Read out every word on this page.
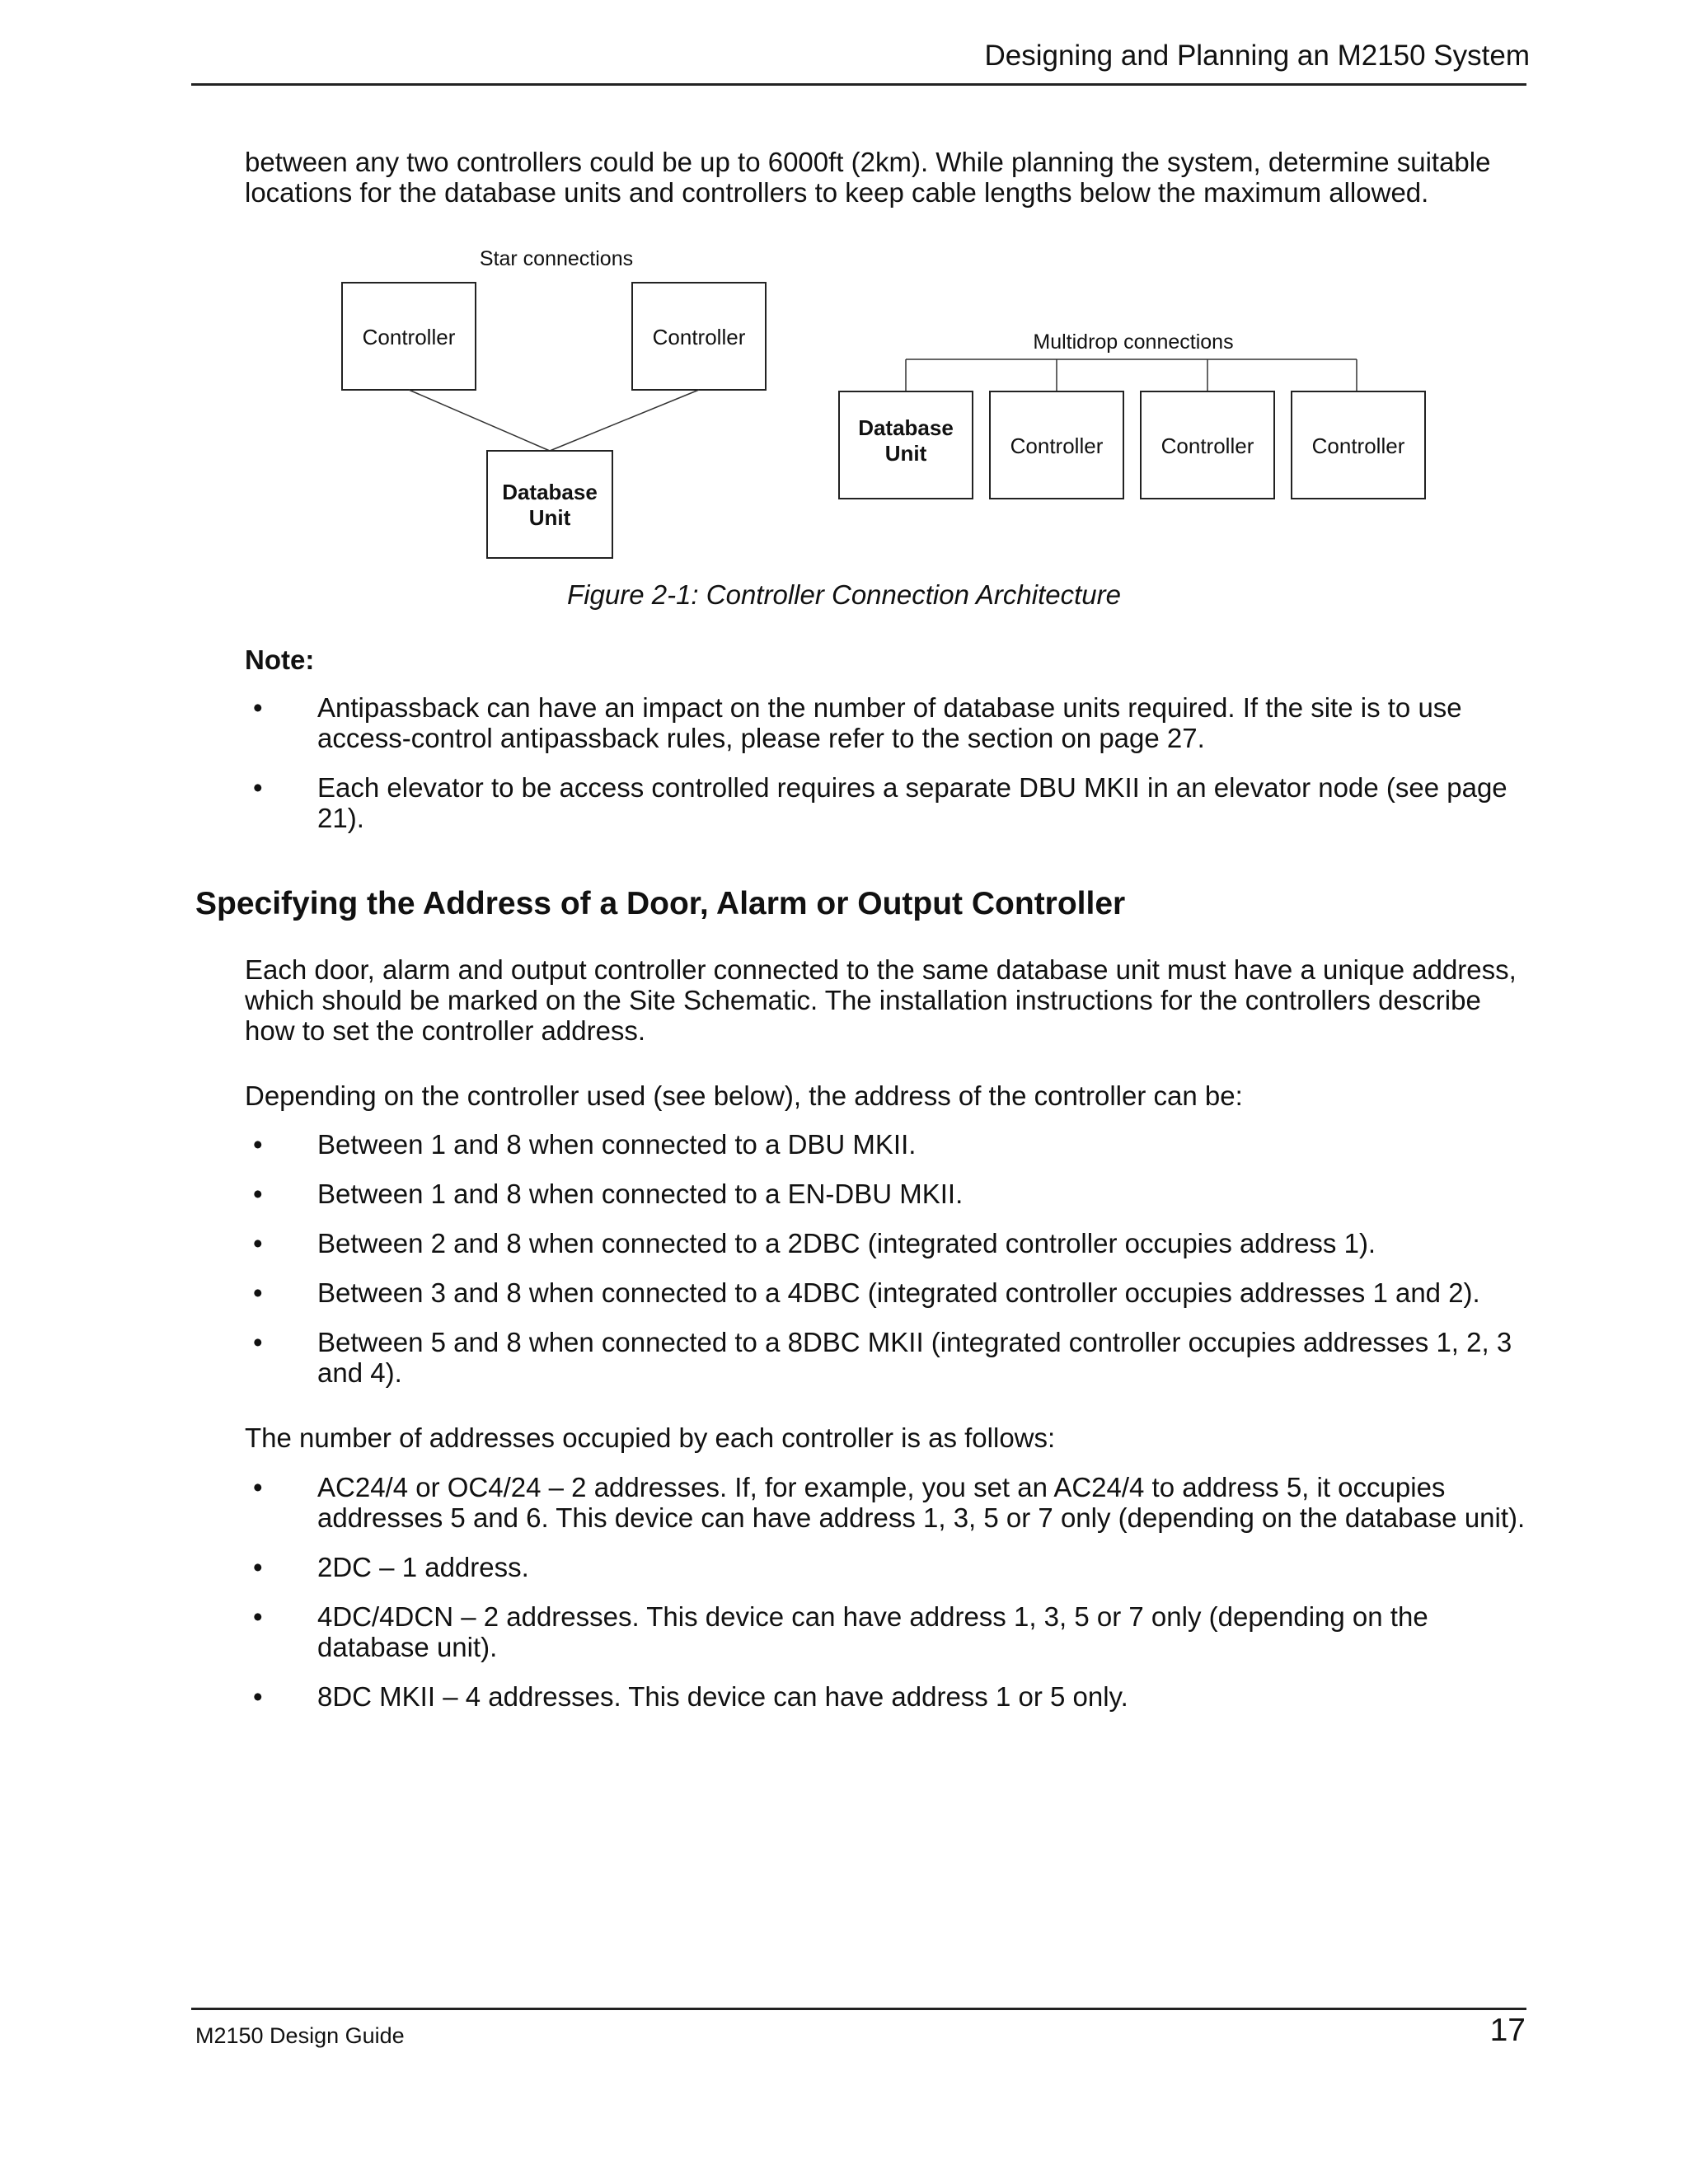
Designing and Planning an M2150 System

between any two controllers could be up to 6000ft (2km). While planning the system, determine suitable locations for the database units and controllers to keep cable lengths below the maximum allowed.

Star connections
Controller	Controller
Database
Unit
Multidrop connections
Database
Unit	Controller	Controller	Controller
Figure 2-1: Controller Connection Architecture
Note:
• Antipassback can have an impact on the number of database units required. If the site is to use access-control antipassback rules, please refer to the section on page 27.
• Each elevator to be access controlled requires a separate DBU MKII in an elevator node (see page 21).
Specifying the Address of a Door, Alarm or Output Controller

Each door, alarm and output controller connected to the same database unit must have a unique address, which should be marked on the Site Schematic. The installation instructions for the controllers describe how to set the controller address.

Depending on the controller used (see below), the address of the controller can be:

• Between 1 and 8 when connected to a DBU MKII.
• Between 1 and 8 when connected to a EN-DBU MKII.
• Between 2 and 8 when connected to a 2DBC (integrated controller occupies address 1).
• Between 3 and 8 when connected to a 4DBC (integrated controller occupies addresses 1 and 2).
• Between 5 and 8 when connected to a 8DBC MKII (integrated controller occupies addresses 1, 2, 3 and 4).

The number of addresses occupied by each controller is as follows:

• AC24/4 or OC4/24 – 2 addresses. If, for example, you set an AC24/4 to address 5, it occupies addresses 5 and 6. This device can have address 1, 3, 5 or 7 only (depending on the database unit).
• 2DC – 1 address.
• 4DC/4DCN – 2 addresses. This device can have address 1, 3, 5 or 7 only (depending on the database unit).
• 8DC MKII – 4 addresses. This device can have address 1 or 5 only.
M2150 Design Guide	17
